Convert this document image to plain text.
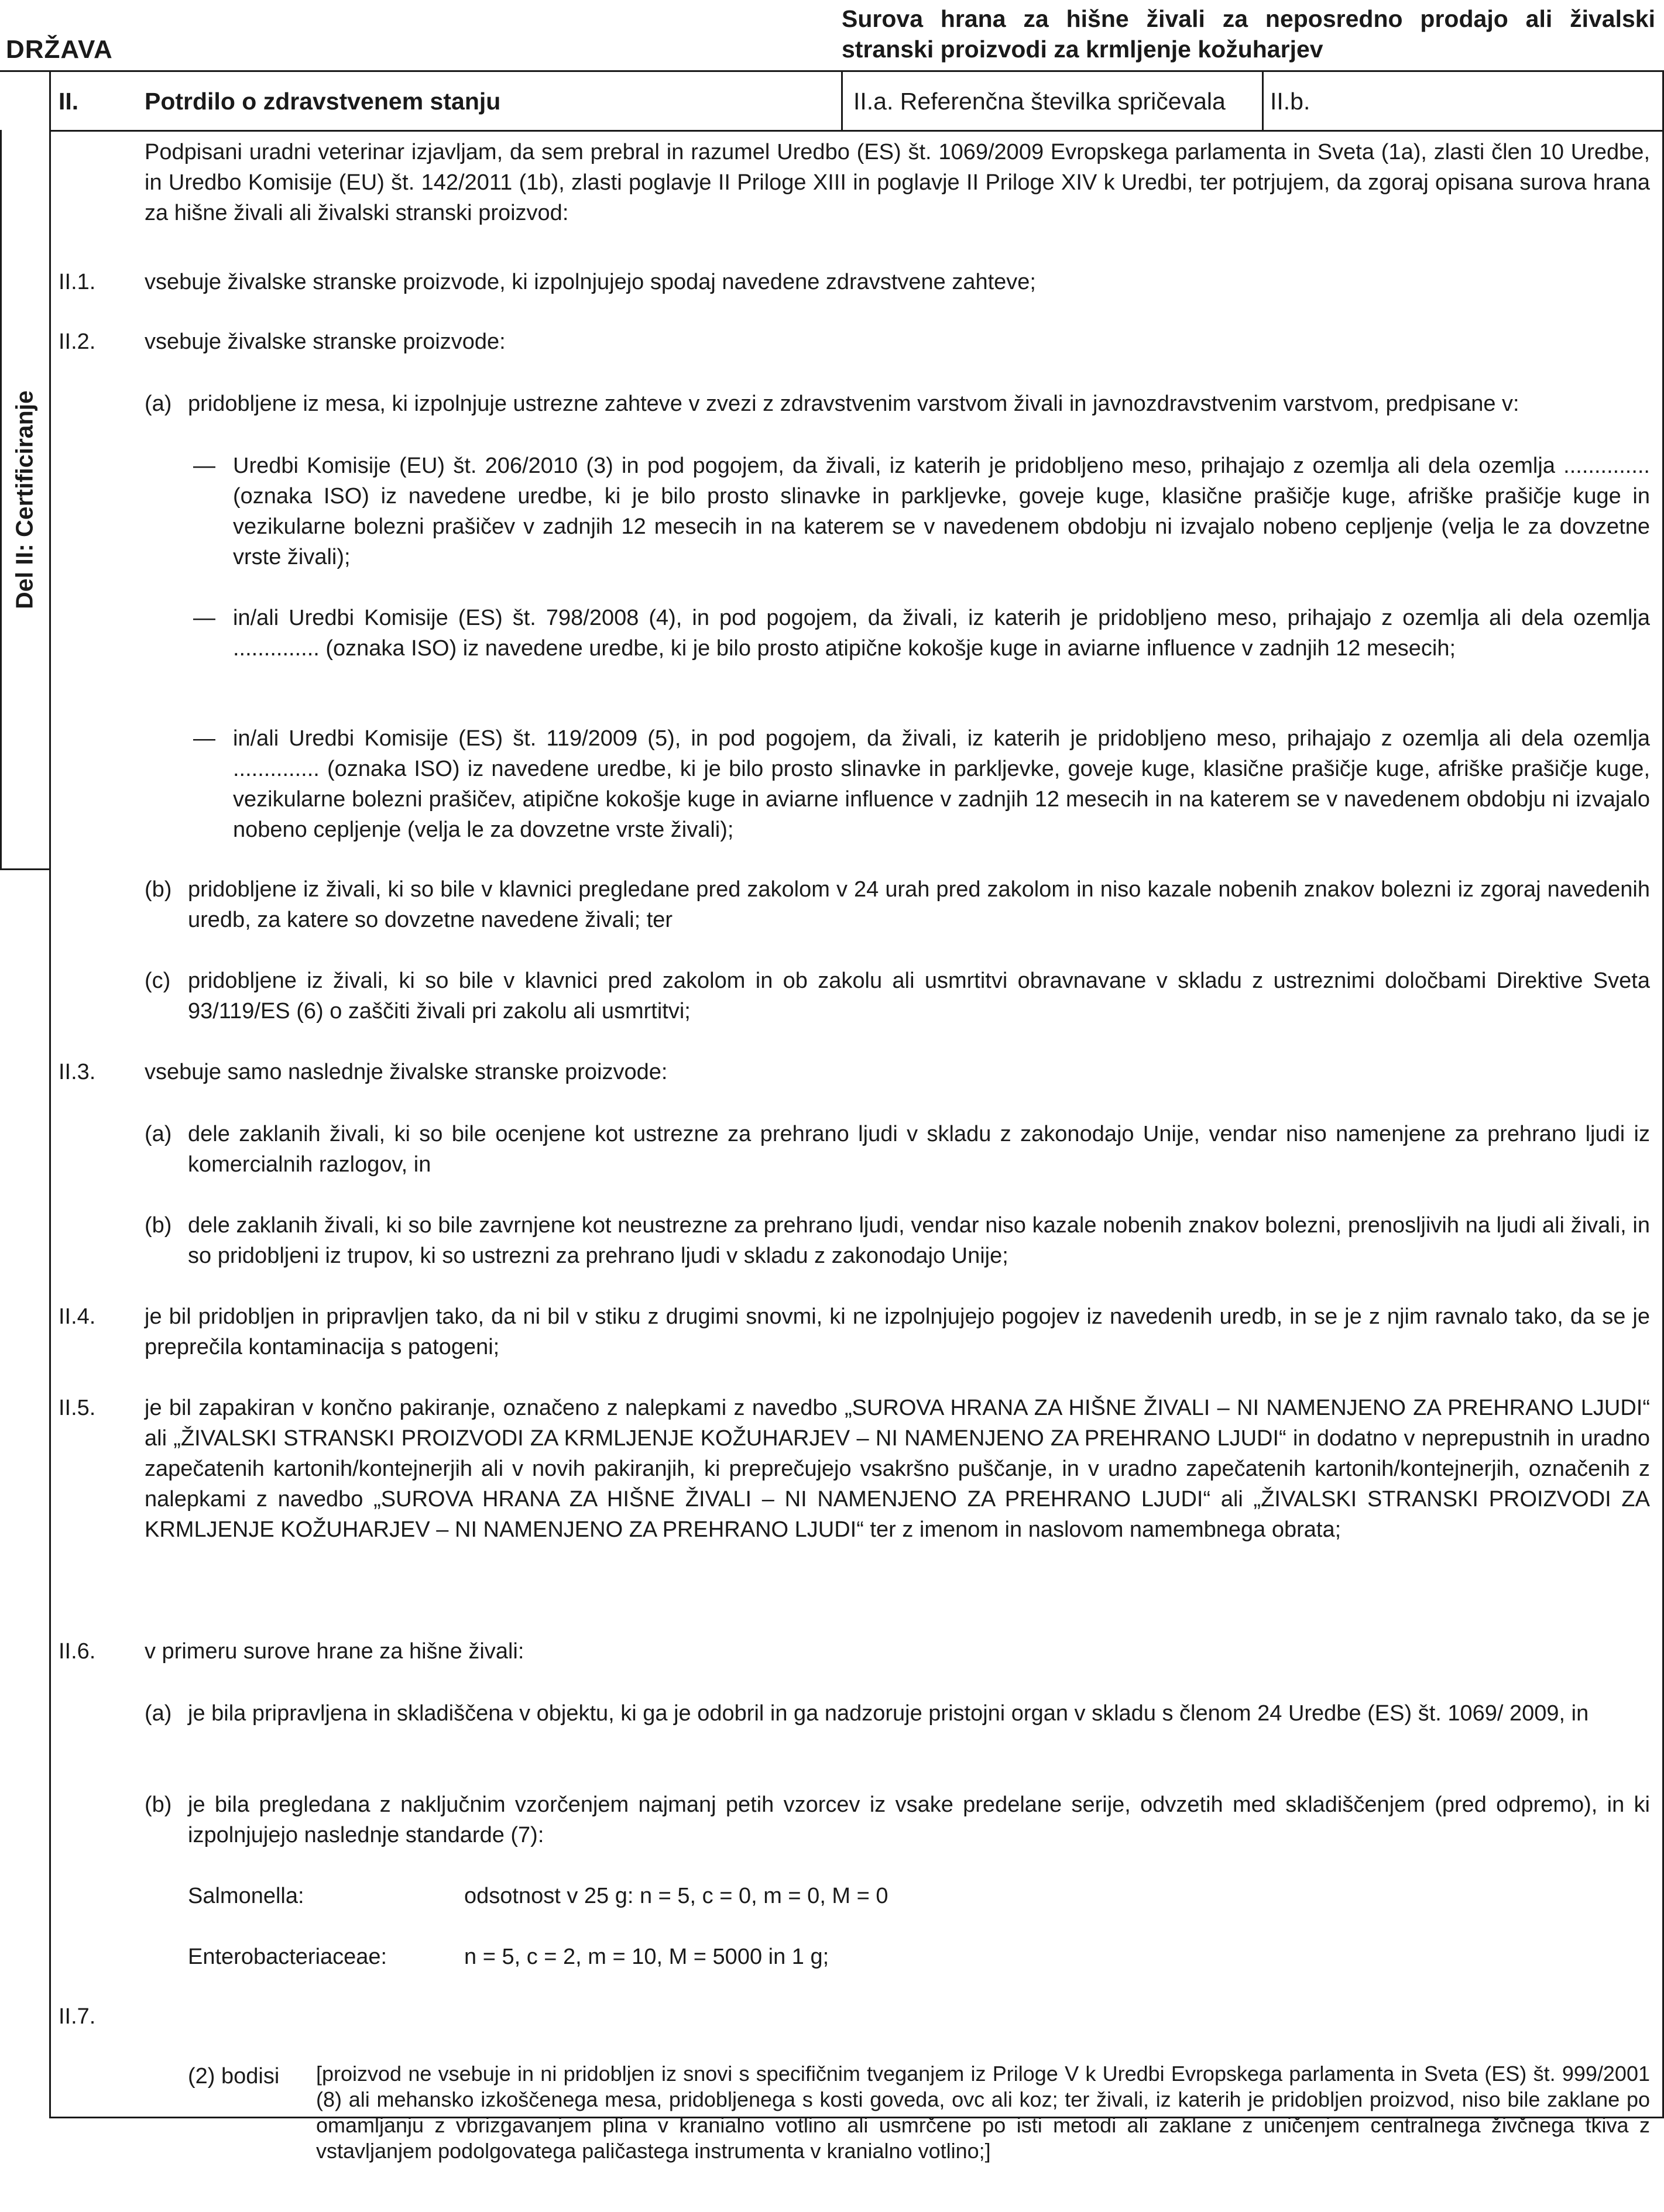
DRŽAVA
Surova hrana za hišne živali za neposredno prodajo ali živalski stranski proizvodi za krmljenje kožuharjev
II.	Potrdilo o zdravstvenem stanju	II.a. Referenčna številka spričevala II.b.
Del II: Certificiranje
Podpisani uradni veterinar izjavljam, da sem prebral in razumel Uredbo (ES) št. 1069/2009 Evropskega parlamenta in Sveta (1a), zlasti člen 10 Uredbe, in Uredbo Komisije (EU) št. 142/2011 (1b), zlasti poglavje II Priloge XIII in poglavje II Priloge XIV k Uredbi, ter potrjujem, da zgoraj opisana surova hrana za hišne živali ali živalski stranski proizvod:
II.1. vsebuje živalske stranske proizvode, ki izpolnjujejo spodaj navedene zdravstvene zahteve;
II.2. vsebuje živalske stranske proizvode:
(a) pridobljene iz mesa, ki izpolnjuje ustrezne zahteve v zvezi z zdravstvenim varstvom živali in javnozdravstvenim varstvom, predpisane v:
— Uredbi Komisije (EU) št. 206/2010 (3) in pod pogojem, da živali, iz katerih je pridobljeno meso, prihajajo z ozemlja ali dela ozemlja .............. (oznaka ISO) iz navedene uredbe, ki je bilo prosto slinavke in parkljevke, goveje kuge, klasične prašičje kuge, afriške prašičje kuge in vezikularne bolezni prašičev v zadnjih 12 mesecih in na katerem se v navedenem obdobju ni izvajalo nobeno cepljenje (velja le za dovzetne vrste živali);
— in/ali Uredbi Komisije (ES) št. 798/2008 (4), in pod pogojem, da živali, iz katerih je pridobljeno meso, prihajajo z ozemlja ali dela ozemlja .............. (oznaka ISO) iz navedene uredbe, ki je bilo prosto atipične kokošje kuge in aviarne influence v zadnjih 12 mesecih;
— in/ali Uredbi Komisije (ES) št. 119/2009 (5), in pod pogojem, da živali, iz katerih je pridobljeno meso, prihajajo z ozemlja ali dela ozemlja .............. (oznaka ISO) iz navedene uredbe, ki je bilo prosto slinavke in parkljevke, goveje kuge, klasične prašičje kuge, afriške prašičje kuge, vezikularne bolezni prašičev, atipične kokošje kuge in aviarne influence v zadnjih 12 mesecih in na katerem se v navedenem obdobju ni izvajalo nobeno cepljenje (velja le za dovzetne vrste živali);
(b) pridobljene iz živali, ki so bile v klavnici pregledane pred zakolom v 24 urah pred zakolom in niso kazale nobenih znakov bolezni iz zgoraj navedenih uredb, za katere so dovzetne navedene živali; ter
(c) pridobljene iz živali, ki so bile v klavnici pred zakolom in ob zakolu ali usmrtitvi obravnavane v skladu z ustreznimi določbami Direktive Sveta 93/119/ES (6) o zaščiti živali pri zakolu ali usmrtitvi;
II.3. vsebuje samo naslednje živalske stranske proizvode:
(a) dele zaklanih živali, ki so bile ocenjene kot ustrezne za prehrano ljudi v skladu z zakonodajo Unije, vendar niso namenjene za prehrano ljudi iz komercialnih razlogov, in
(b) dele zaklanih živali, ki so bile zavrnjene kot neustrezne za prehrano ljudi, vendar niso kazale nobenih znakov bolezni, prenosljivih na ljudi ali živali, in so pridobljeni iz trupov, ki so ustrezni za prehrano ljudi v skladu z zakonodajo Unije;
II.4. je bil pridobljen in pripravljen tako, da ni bil v stiku z drugimi snovmi, ki ne izpolnjujejo pogojev iz navedenih uredb, in se je z njim ravnalo tako, da se je preprečila kontaminacija s patogeni;
II.5. je bil zapakiran v končno pakiranje, označeno z nalepkami z navedbo „SUROVA HRANA ZA HIŠNE ŽIVALI – NI NAMENJENO ZA PREHRANO LJUDI“ ali „ŽIVALSKI STRANSKI PROIZVODI ZA KRMLJENJE KOŽUHARJEV – NI NAMENJENO ZA PREHRANO LJUDI“ in dodatno v neprepustnih in uradno zapečatenih kartonih/kontejnerjih ali v novih pakiranjih, ki preprečujejo vsakršno puščanje, in v uradno zapečatenih kartonih/kontejnerjih, označenih z nalepkami z navedbo „SUROVA HRANA ZA HIŠNE ŽIVALI – NI NAMENJENO ZA PREHRANO LJUDI“ ali „ŽIVALSKI STRANSKI PROIZVODI ZA KRMLJENJE KOŽUHARJEV – NI NAMENJENO ZA PREHRANO LJUDI“ ter z imenom in naslovom namembnega obrata;
II.6. v primeru surove hrane za hišne živali:
(a) je bila pripravljena in skladiščena v objektu, ki ga je odobril in ga nadzoruje pristojni organ v skladu s členom 24 Uredbe (ES) št. 1069/ 2009, in
(b) je bila pregledana z naključnim vzorčenjem najmanj petih vzorcev iz vsake predelane serije, odvzetih med skladiščenjem (pred odpremo), in ki izpolnjujejo naslednje standarde (7):
Salmonella:	odsotnost v 25 g: n = 5, c = 0, m = 0, M = 0
Enterobacteriaceae:	n = 5, c = 2, m = 10, M = 5000 in 1 g;
II.7.
(2) bodisi [proizvod ne vsebuje in ni pridobljen iz snovi s specifičnim tveganjem iz Priloge V k Uredbi Evropskega parlamenta in Sveta (ES) št. 999/2001 (8) ali mehansko izkoščenega mesa, pridobljenega s kosti goveda, ovc ali koz; ter živali, iz katerih je pridobljen proizvod, niso bile zaklane po omamljanju z vbrizgavanjem plina v kranialno votlino ali usmrčene po isti metodi ali zaklane z uničenjem centralnega živčnega tkiva z vstavljanjem podolgovatega paličastega instrumenta v kranialno votlino;]
